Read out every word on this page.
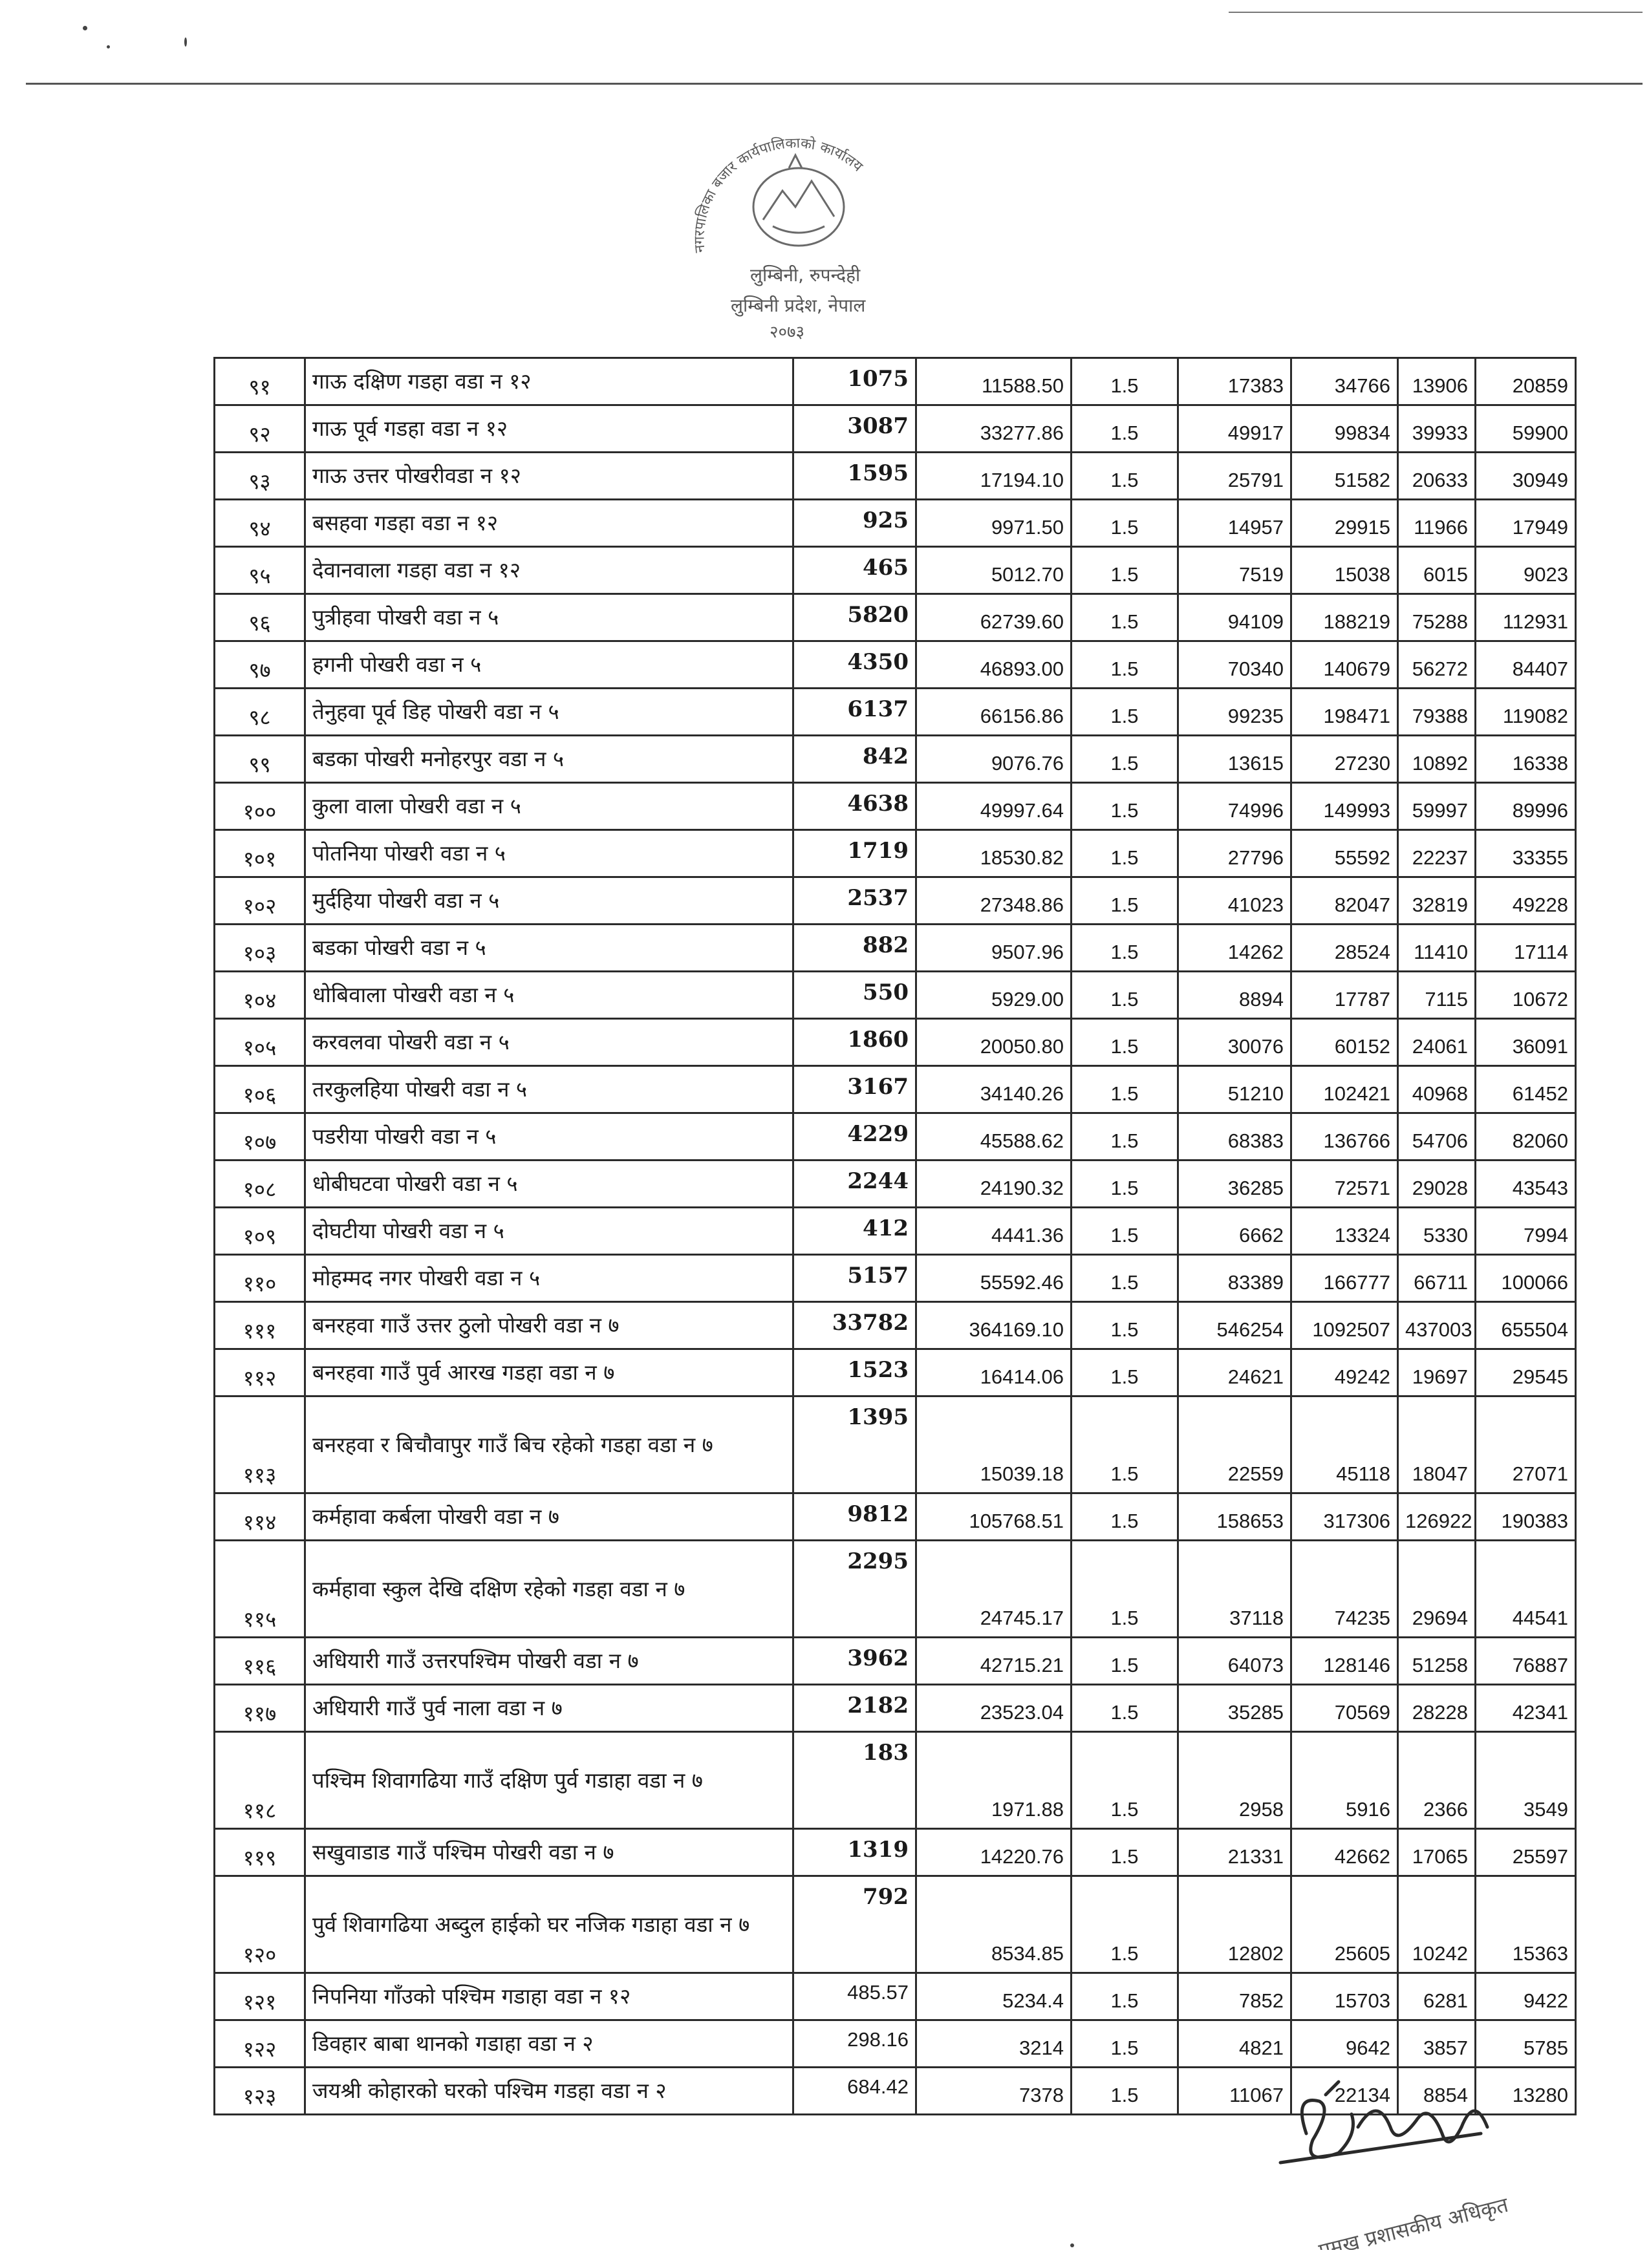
नगरपालिका बजार कार्यपालिकाको कार्यालय
लुम्बिनी, रुपन्देही
लुम्बिनी प्रदेश, नेपाल
२०७३
९१	गाऊ दक्षिण गडहा वडा न १२	1075	11588.50	1.5	17383	34766	13906	20859
९२	गाऊ पूर्व गडहा वडा न १२	3087	33277.86	1.5	49917	99834	39933	59900
९३	गाऊ उत्तर पोखरीवडा न १२	1595	17194.10	1.5	25791	51582	20633	30949
९४	बसहवा गडहा वडा न १२	925	9971.50	1.5	14957	29915	11966	17949
९५	देवानवाला गडहा वडा न १२	465	5012.70	1.5	7519	15038	6015	9023
९६	पुत्रीहवा पोखरी वडा न ५	5820	62739.60	1.5	94109	188219	75288	112931
९७	हगनी पोखरी वडा न ५	4350	46893.00	1.5	70340	140679	56272	84407
९८	तेनुहवा पूर्व डिह पोखरी वडा न ५	6137	66156.86	1.5	99235	198471	79388	119082
९९	बडका पोखरी मनोहरपुर वडा न ५	842	9076.76	1.5	13615	27230	10892	16338
१००	कुला वाला पोखरी वडा न ५	4638	49997.64	1.5	74996	149993	59997	89996
१०१	पोतनिया पोखरी वडा न ५	1719	18530.82	1.5	27796	55592	22237	33355
१०२	मुर्दहिया पोखरी वडा न ५	2537	27348.86	1.5	41023	82047	32819	49228
१०३	बडका पोखरी वडा न ५	882	9507.96	1.5	14262	28524	11410	17114
१०४	धोबिवाला पोखरी वडा न ५	550	5929.00	1.5	8894	17787	7115	10672
१०५	करवलवा पोखरी वडा न ५	1860	20050.80	1.5	30076	60152	24061	36091
१०६	तरकुलहिया पोखरी वडा न ५	3167	34140.26	1.5	51210	102421	40968	61452
१०७	पडरीया पोखरी वडा न ५	4229	45588.62	1.5	68383	136766	54706	82060
१०८	धोबीघटवा पोखरी वडा न ५	2244	24190.32	1.5	36285	72571	29028	43543
१०९	दोघटीया पोखरी वडा न ५	412	4441.36	1.5	6662	13324	5330	7994
११०	मोहम्मद नगर पोखरी वडा न ५	5157	55592.46	1.5	83389	166777	66711	100066
१११	बनरहवा गाउँ उत्तर ठुलो पोखरी वडा न ७	33782	364169.10	1.5	546254	1092507	437003	655504
११२	बनरहवा गाउँ पुर्व आरख गडहा वडा न ७	1523	16414.06	1.5	24621	49242	19697	29545
११३	बनरहवा र बिचौवापुर गाउँ बिच रहेको गडहा वडा न ७	1395	15039.18	1.5	22559	45118	18047	27071
११४	कर्महावा कर्बला पोखरी वडा न ७	9812	105768.51	1.5	158653	317306	126922	190383
११५	कर्महावा स्कुल देखि दक्षिण रहेको गडहा वडा न ७	2295	24745.17	1.5	37118	74235	29694	44541
११६	अधियारी गाउँ उत्तरपश्चिम पोखरी वडा न ७	3962	42715.21	1.5	64073	128146	51258	76887
११७	अधियारी गाउँ पुर्व नाला वडा न ७	2182	23523.04	1.5	35285	70569	28228	42341
११८	पश्चिम शिवागढिया गाउँ दक्षिण पुर्व गडाहा वडा न ७	183	1971.88	1.5	2958	5916	2366	3549
११९	सखुवाडाड गाउँ पश्चिम पोखरी वडा न ७	1319	14220.76	1.5	21331	42662	17065	25597
१२०	पुर्व शिवागढिया अब्दुल हाईको घर नजिक गडाहा वडा न ७	792	8534.85	1.5	12802	25605	10242	15363
१२१	निपनिया गाँउको पश्चिम गडाहा वडा न १२	485.57	5234.4	1.5	7852	15703	6281	9422
१२२	डिवहार बाबा थानको गडाहा वडा न २	298.16	3214	1.5	4821	9642	3857	5785
१२३	जयश्री कोहारको घरको पश्चिम गडहा वडा न २	684.42	7378	1.5	11067	22134	8854	13280
प्रमुख प्रशासकीय अधिकृत
